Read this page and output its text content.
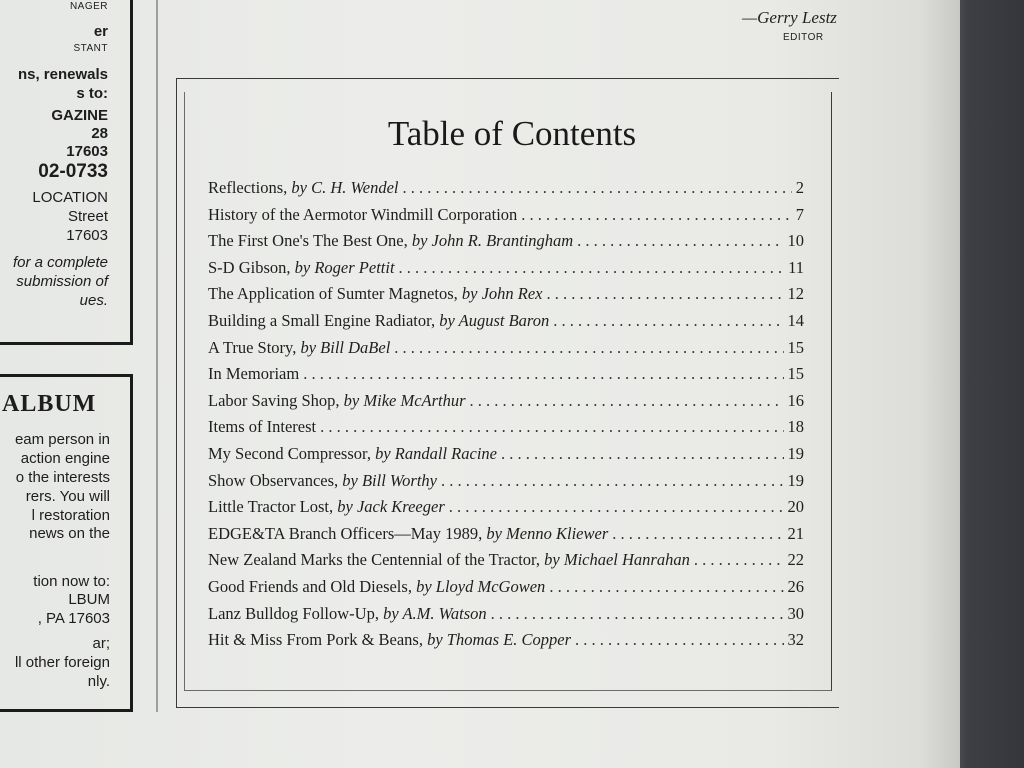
NAGER
er
STANT
ns, renewals
s to:
GAZINE
28
17603
02-0733
LOCATION
Street
17603
for a complete
submission of
ues.
ALBUM
eam person in
action engine
o the interests
rers. You will
l restoration
news on the
tion now to:
LBUM
, PA 17603
ar;
ll other foreign
nly.
—Gerry Lestz
EDITOR
Table of Contents
Reflections, by C. H. Wendel . . .	2
History of the Aermotor Windmill Corporation . . .	7
The First One's The Best One, by John R. Brantingham . . .	10
S-D Gibson, by Roger Pettit . . .	11
The Application of Sumter Magnetos, by John Rex . . .	12
Building a Small Engine Radiator, by August Baron . . .	14
A True Story, by Bill DaBel . . .	15
In Memoriam . . .	15
Labor Saving Shop, by Mike McArthur . . .	16
Items of Interest . . .	18
My Second Compressor, by Randall Racine . . .	19
Show Observances, by Bill Worthy . . .	19
Little Tractor Lost, by Jack Kreeger . . .	20
EDGE&TA Branch Officers—May 1989, by Menno Kliewer . . .	21
New Zealand Marks the Centennial of the Tractor, by Michael Hanrahan . . .	22
Good Friends and Old Diesels, by Lloyd McGowen . . .	26
Lanz Bulldog Follow-Up, by A.M. Watson . . .	30
Hit & Miss From Pork & Beans, by Thomas E. Copper . . .	32
